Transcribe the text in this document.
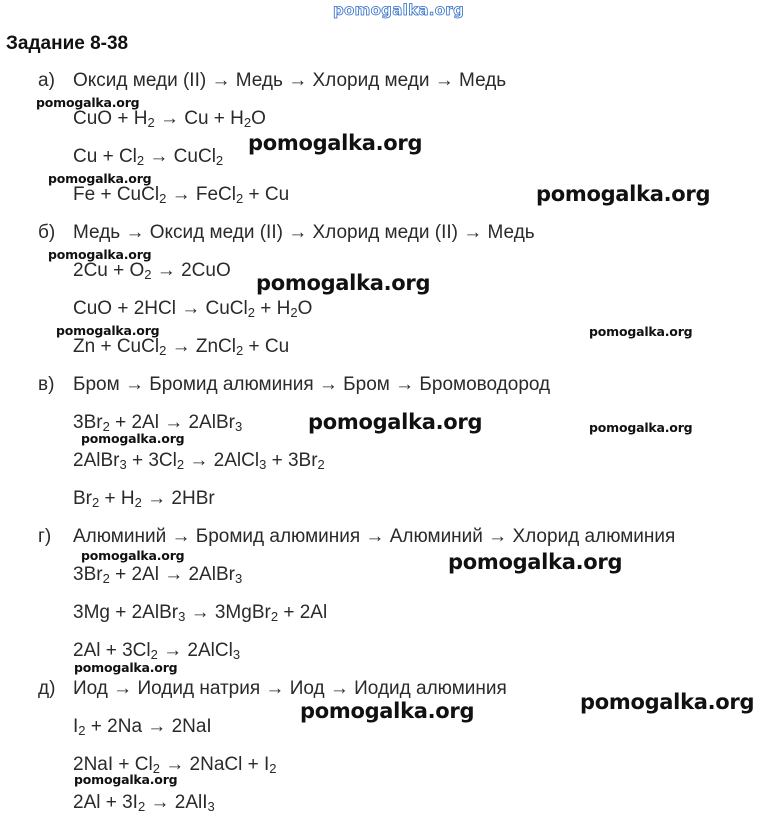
pomogalka.org
Задание 8-38
а) Оксид меди (II) → Медь → Хлорид меди → Медь
CuO + $H_2 \to Cu + H_2O$
$Cu + Cl_2$ → CuCl$_2$
Fe + CuCl$_2$ → FeCl$_2$ + Cu
б) Медь → Оксид меди (II) → Хлорид меди (II) → Медь
$2Cu + O_2 \to 2CuO$
CuO + 2HCl → CuCl$_2$ + $H_2O$
Zn + CuCl$_2$ → ZnCl$_2$ + Cu
в) Бром → Бромид алюминия → Бром → Бромоводород
$3Br_2 + 2Al$ → 2AlBr$_3$
2AlBr$_3$ + $3Cl_2$ → 2AlCl$_3$ + $3Br_2$
$Br_2 + H_2 \to 2HBr$
г) Алюминий → Бромид алюминия → Алюминий → Хлорид алюминия
$3Br_2 + 2Al$ → 2AlBr$_3$
3Mg + 2AlBr$_3$ → 3MgBr$_2$ + 2Al
$2Al + 3Cl_2$ → 2AlCl$_3$
д) Иод → Иодид натрия → Иод → Иодид алюминия
$I_2 + 2Na \to 2NaI$
$2NaI + Cl_2$ → 2NaCl + $I_2$
$2Al + 3I_2 \to 2AlI_3$
pomogalka.org
pomogalka.org
pomogalka.org
pomogalka.org
pomogalka.org
pomogalka.org
pomogalka.org	pomogalka.org
pomogalka.org	pomogalka.org
pomogalka.org
pomogalka.org	pomogalka.org
pomogalka.org
pomogalka.org
pomogalka.org
pomogalka.org
